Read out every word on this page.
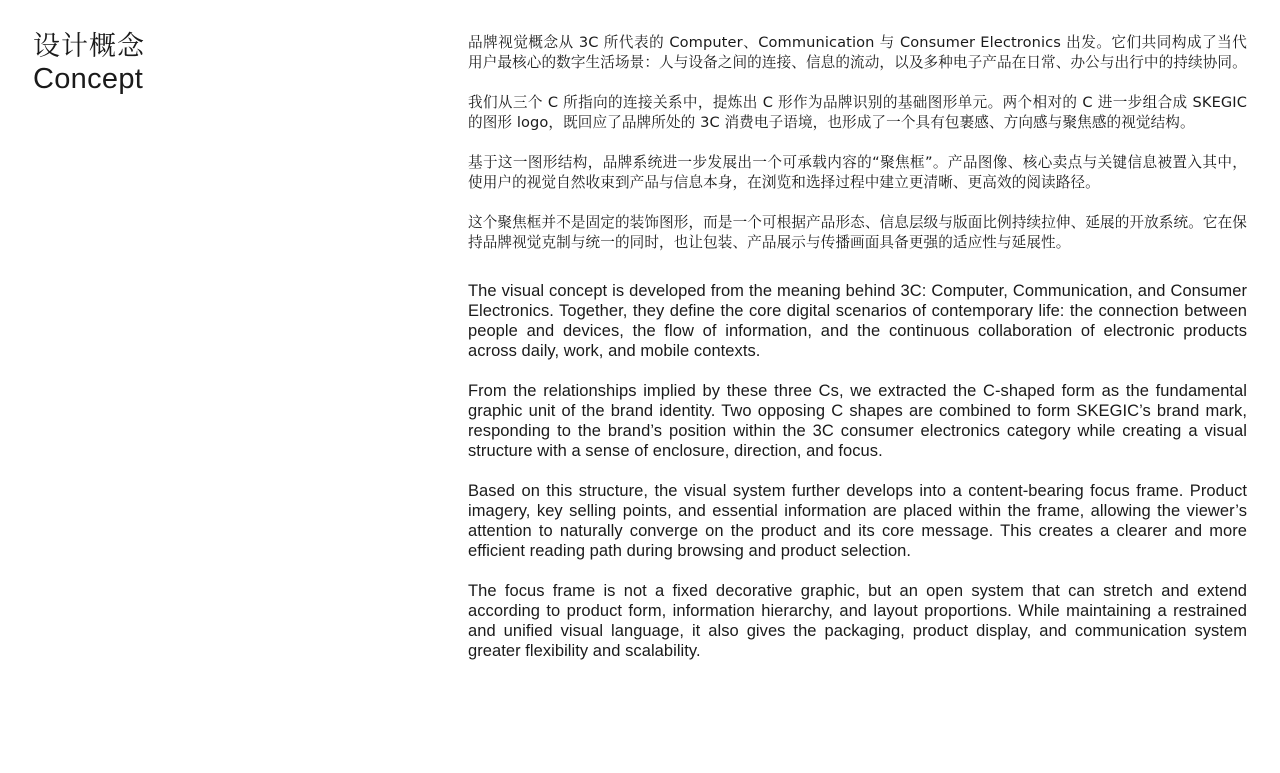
设计概念
Concept

品牌视觉概念从 3C 所代表的 Computer、Communication 与 Consumer Electronics 出发。它们共同构成了当代用户最核心的数字生活场景：人与设备之间的连接、信息的流动，以及多种电子产品在日常、办公与出行中的持续协同。

我们从三个 C 所指向的连接关系中，提炼出 C 形作为品牌识别的基础图形单元。两个相对的 C 进一步组合成 SKEGIC 的图形 logo，既回应了品牌所处的 3C 消费电子语境，也形成了一个具有包裹感、方向感与聚焦感的视觉结构。

基于这一图形结构，品牌系统进一步发展出一个可承载内容的“聚焦框”。产品图像、核心卖点与关键信息被置入其中，使用户的视觉自然收束到产品与信息本身，在浏览和选择过程中建立更清晰、更高效的阅读路径。

这个聚焦框并不是固定的装饰图形，而是一个可根据产品形态、信息层级与版面比例持续拉伸、延展的开放系统。它在保持品牌视觉克制与统一的同时，也让包装、产品展示与传播画面具备更强的适应性与延展性。

The visual concept is developed from the meaning behind 3C: Computer, Communication, and Consumer Electronics. Together, they define the core digital scenarios of contemporary life: the connection between people and devices, the flow of information, and the continuous collaboration of electronic products across daily, work, and mobile contexts.

From the relationships implied by these three Cs, we extracted the C-shaped form as the fundamental graphic unit of the brand identity. Two opposing C shapes are combined to form SKEGIC’s brand mark, responding to the brand’s position within the 3C consumer electronics category while creating a visual structure with a sense of enclosure, direction, and focus.

Based on this structure, the visual system further develops into a content-bearing focus frame. Product imagery, key selling points, and essential information are placed within the frame, allowing the viewer’s attention to naturally converge on the product and its core message. This creates a clearer and more efficient reading path during browsing and product selection.

The focus frame is not a fixed decorative graphic, but an open system that can stretch and extend according to product form, information hierarchy, and layout proportions. While maintaining a restrained and unified visual language, it also gives the packaging, product display, and communication system greater flexibility and scalability.
